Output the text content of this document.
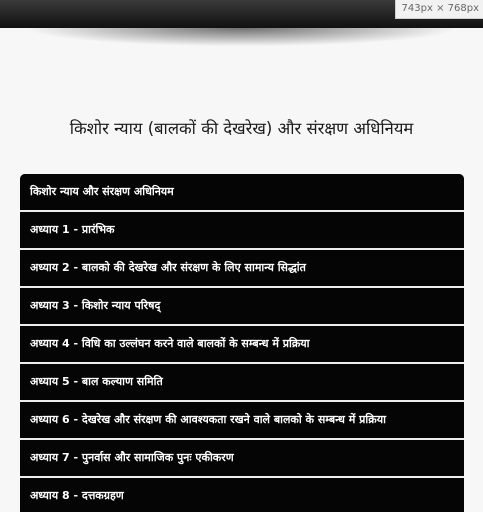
743px × 768px
किशोर न्याय (बालकों की देखरेख) और संरक्षण अधिनियम
किशोर न्याय और संरक्षण अधिनियम
अध्याय 1 - प्रारंभिक
अध्याय 2 - बालको की देखरेख और संरक्षण के लिए सामान्य सिद्धांत
अध्याय 3 - किशोर न्याय परिषद्
अध्याय 4 - विधि का उल्लंघन करने वाले बालकों के सम्बन्ध में प्रक्रिया
अध्याय 5 - बाल कल्याण समिति
अध्याय 6 - देखरेख और संरक्षण की आवश्यकता रखने वाले बालको के सम्बन्ध में प्रक्रिया
अध्याय 7 - पुनर्वास और सामाजिक पुनः एकीकरण
अध्याय 8 - दत्तकग्रहण
